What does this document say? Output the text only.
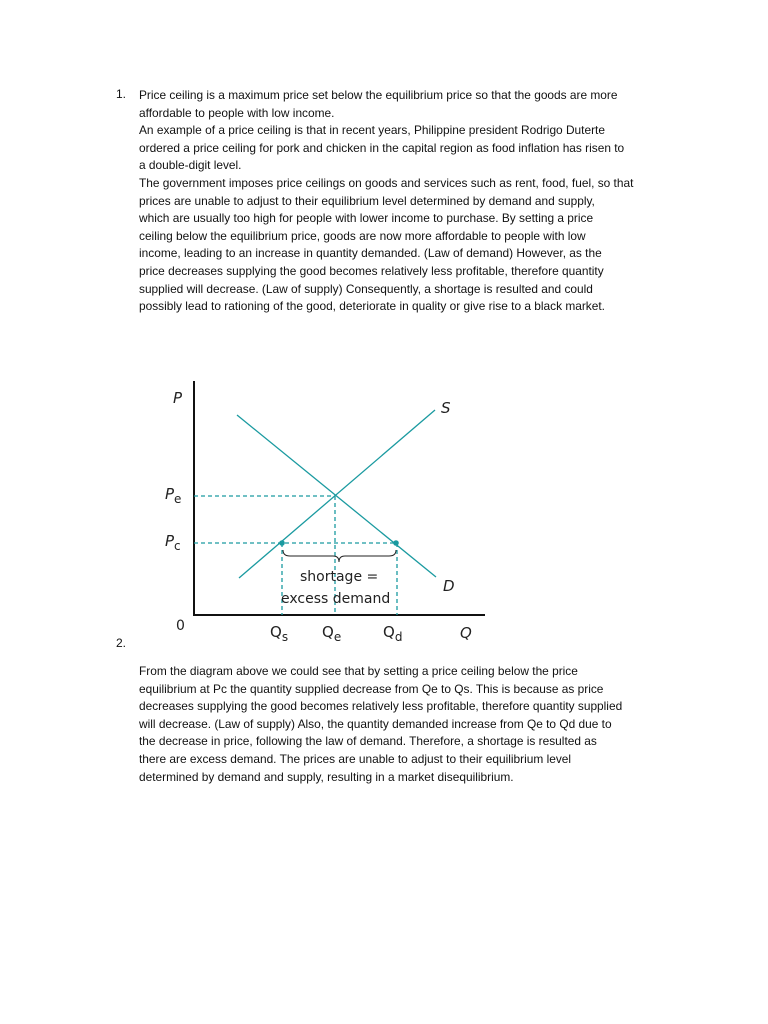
1. Price ceiling is a maximum price set below the equilibrium price so that the goods are more
affordable to people with low income.
An example of a price ceiling is that in recent years, Philippine president Rodrigo Duterte
ordered a price ceiling for pork and chicken in the capital region as food inflation has risen to
a double-digit level.
The government imposes price ceilings on goods and services such as rent, food, fuel, so that
prices are unable to adjust to their equilibrium level determined by demand and supply,
which are usually too high for people with lower income to purchase. By setting a price
ceiling below the equilibrium price, goods are now more affordable to people with low
income, leading to an increase in quantity demanded. (Law of demand) However, as the
price decreases supplying the good becomes relatively less profitable, therefore quantity
supplied will decrease. (Law of supply) Consequently, a shortage is resulted and could
possibly lead to rationing of the good, deteriorate in quality or give rise to a black market.
shortage =
excess demand
P
S
D
0	Q
$P_e$
$P_c$
$Q_s$ $Q_e$	$Q_d$
2.
From the diagram above we could see that by setting a price ceiling below the price
equilibrium at Pc the quantity supplied decrease from Qe to Qs. This is because as price
decreases supplying the good becomes relatively less profitable, therefore quantity supplied
will decrease. (Law of supply) Also, the quantity demanded increase from Qe to Qd due to
the decrease in price, following the law of demand. Therefore, a shortage is resulted as
there are excess demand. The prices are unable to adjust to their equilibrium level
determined by demand and supply, resulting in a market disequilibrium.
